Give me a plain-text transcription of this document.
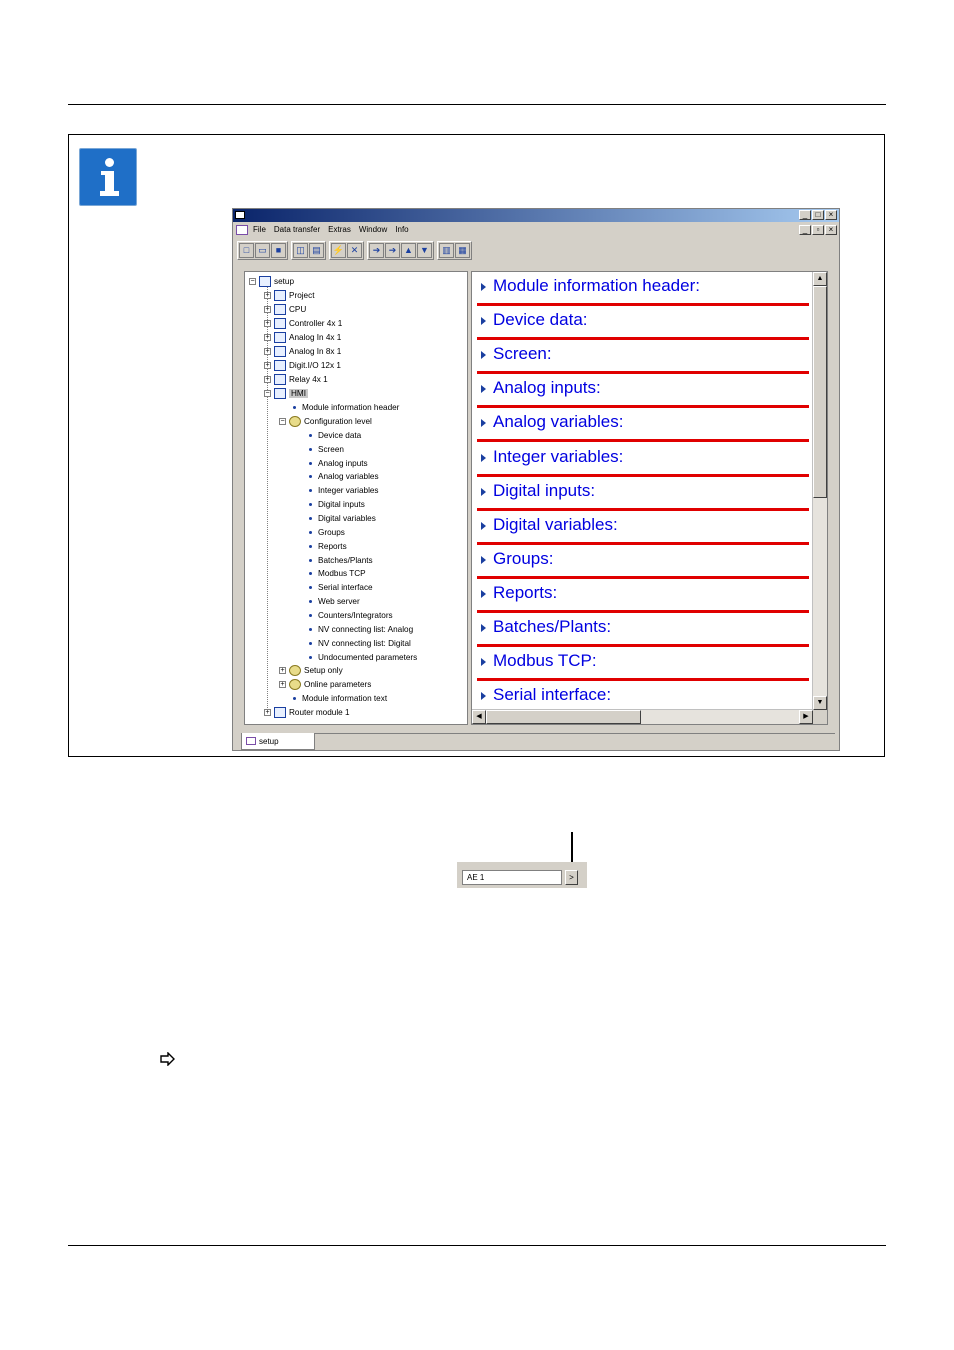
_	□	×
File Data transfer Extras Window Info	_	▫	×
□	▭	■	◫ ▤	⚡ ✕	➔ ➔ ▲ ▼	▥ ▦
− setup
+ Project
+ CPU
+ Controller 4x 1
+ Analog In 4x 1
+ Analog In 8x 1
+ Digit.I/O 12x 1
+ Relay 4x 1
−	HMI
Module information header
− Configuration level
Device data
Screen
Analog inputs
Analog variables
Integer variables
Digital inputs
Digital variables
Groups
Reports
Batches/Plants
Modbus TCP
Serial interface
Web server
Counters/Integrators
NV connecting list: Analog
NV connecting list: Digital
Undocumented parameters
+ Setup only
+ Online parameters
Module information text
+ Router module 1
Module information header:
Device data:
Screen:
Analog inputs:
Analog variables:
Integer variables:
Digital inputs:
Digital variables:
Groups:
Reports:
Batches/Plants:
Modbus TCP:
Serial interface:
▲
▼
◀	▶
setup
AE 1	>
